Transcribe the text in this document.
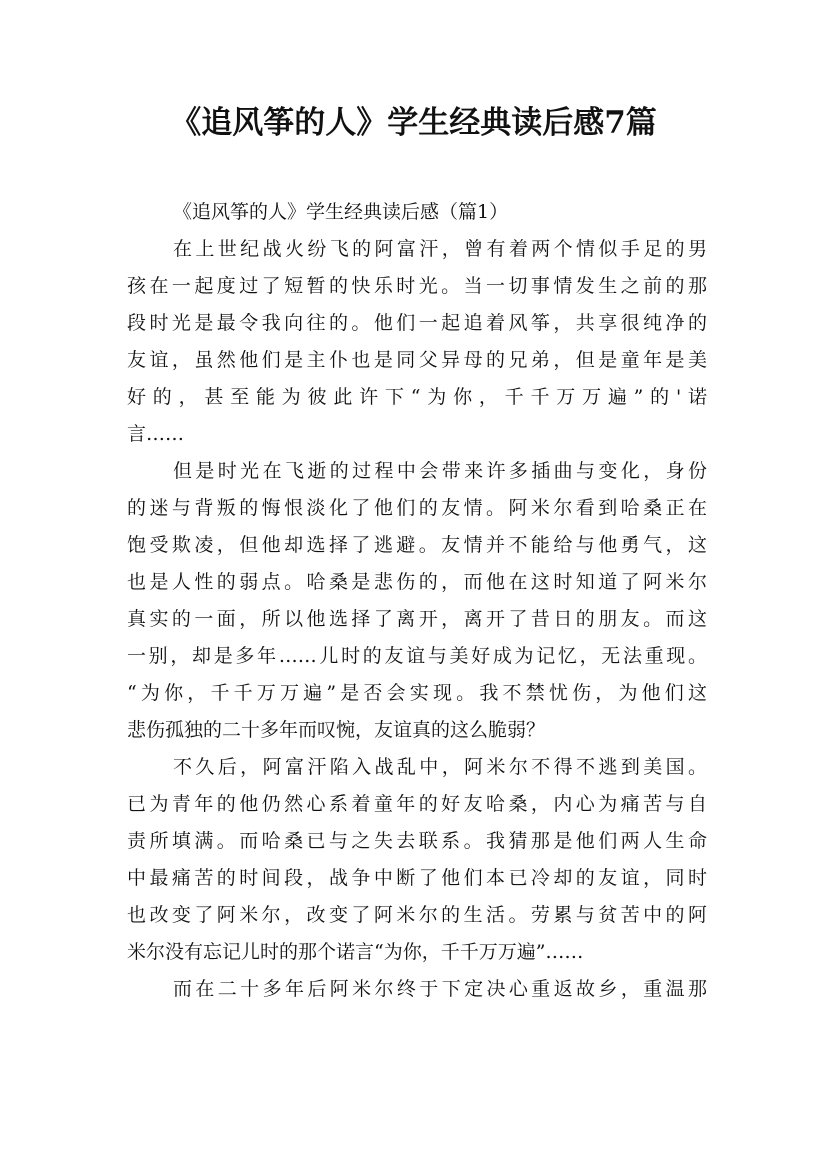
《追风筝的人》学生经典读后感7篇
《追风筝的人》学生经典读后感（篇1）
在上世纪战火纷飞的阿富汗，曾有着两个情似手足的男
孩在一起度过了短暂的快乐时光。当一切事情发生之前的那
段时光是最令我向往的。他们一起追着风筝，共享很纯净的
友谊，虽然他们是主仆也是同父异母的兄弟，但是童年是美
好的，甚至能为彼此许下“为你，千千万万遍”的'诺
言……
但是时光在飞逝的过程中会带来许多插曲与变化，身份
的迷与背叛的悔恨淡化了他们的友情。阿米尔看到哈桑正在
饱受欺凌，但他却选择了逃避。友情并不能给与他勇气，这
也是人性的弱点。哈桑是悲伤的，而他在这时知道了阿米尔
真实的一面，所以他选择了离开，离开了昔日的朋友。而这
一别，却是多年……儿时的友谊与美好成为记忆，无法重现。
“为你，千千万万遍”是否会实现。我不禁忧伤，为他们这
悲伤孤独的二十多年而叹惋，友谊真的这么脆弱？
不久后，阿富汗陷入战乱中，阿米尔不得不逃到美国。
已为青年的他仍然心系着童年的好友哈桑，内心为痛苦与自
责所填满。而哈桑已与之失去联系。我猜那是他们两人生命
中最痛苦的时间段，战争中断了他们本已冷却的友谊，同时
也改变了阿米尔，改变了阿米尔的生活。劳累与贫苦中的阿
米尔没有忘记儿时的那个诺言“为你，千千万万遍”……
而在二十多年后阿米尔终于下定决心重返故乡，重温那
